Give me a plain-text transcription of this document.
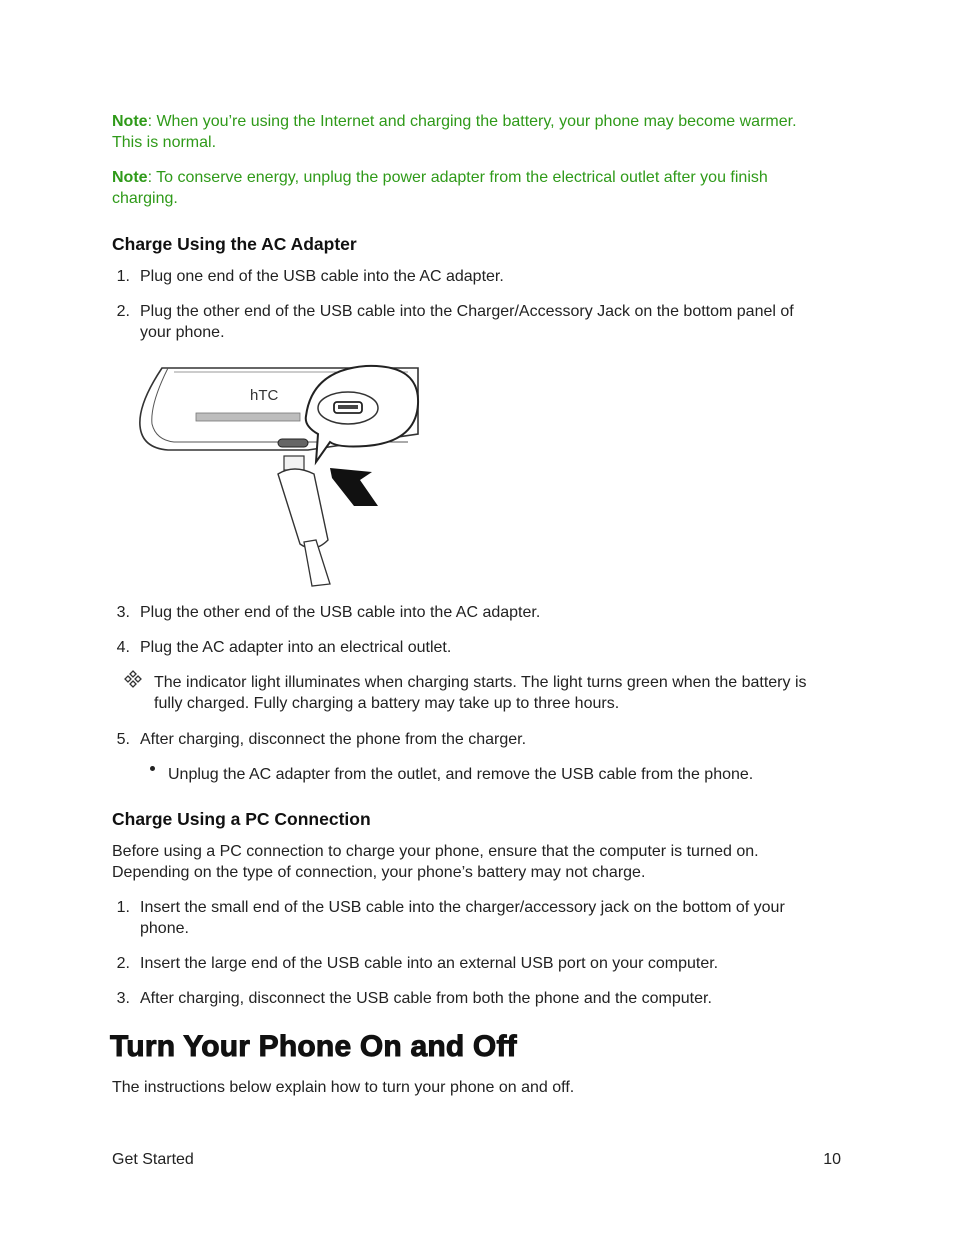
Note: When you’re using the Internet and charging the battery, your phone may become warmer.
This is normal.
Note: To conserve energy, unplug the power adapter from the electrical outlet after you finish
charging.
Charge Using the AC Adapter
1. Plug one end of the USB cable into the AC adapter.
2. Plug the other end of the USB cable into the Charger/Accessory Jack on the bottom panel of
your phone.
hTC
3. Plug the other end of the USB cable into the AC adapter.
4. Plug the AC adapter into an electrical outlet.
The indicator light illuminates when charging starts. The light turns green when the battery is
fully charged. Fully charging a battery may take up to three hours.
5. After charging, disconnect the phone from the charger.
Unplug the AC adapter from the outlet, and remove the USB cable from the phone.
Charge Using a PC Connection
Before using a PC connection to charge your phone, ensure that the computer is turned on.
Depending on the type of connection, your phone’s battery may not charge.
1. Insert the small end of the USB cable into the charger/accessory jack on the bottom of your
phone.
2. Insert the large end of the USB cable into an external USB port on your computer.
3. After charging, disconnect the USB cable from both the phone and the computer.
Turn Your Phone On and Off
The instructions below explain how to turn your phone on and off.
Get Started	10
